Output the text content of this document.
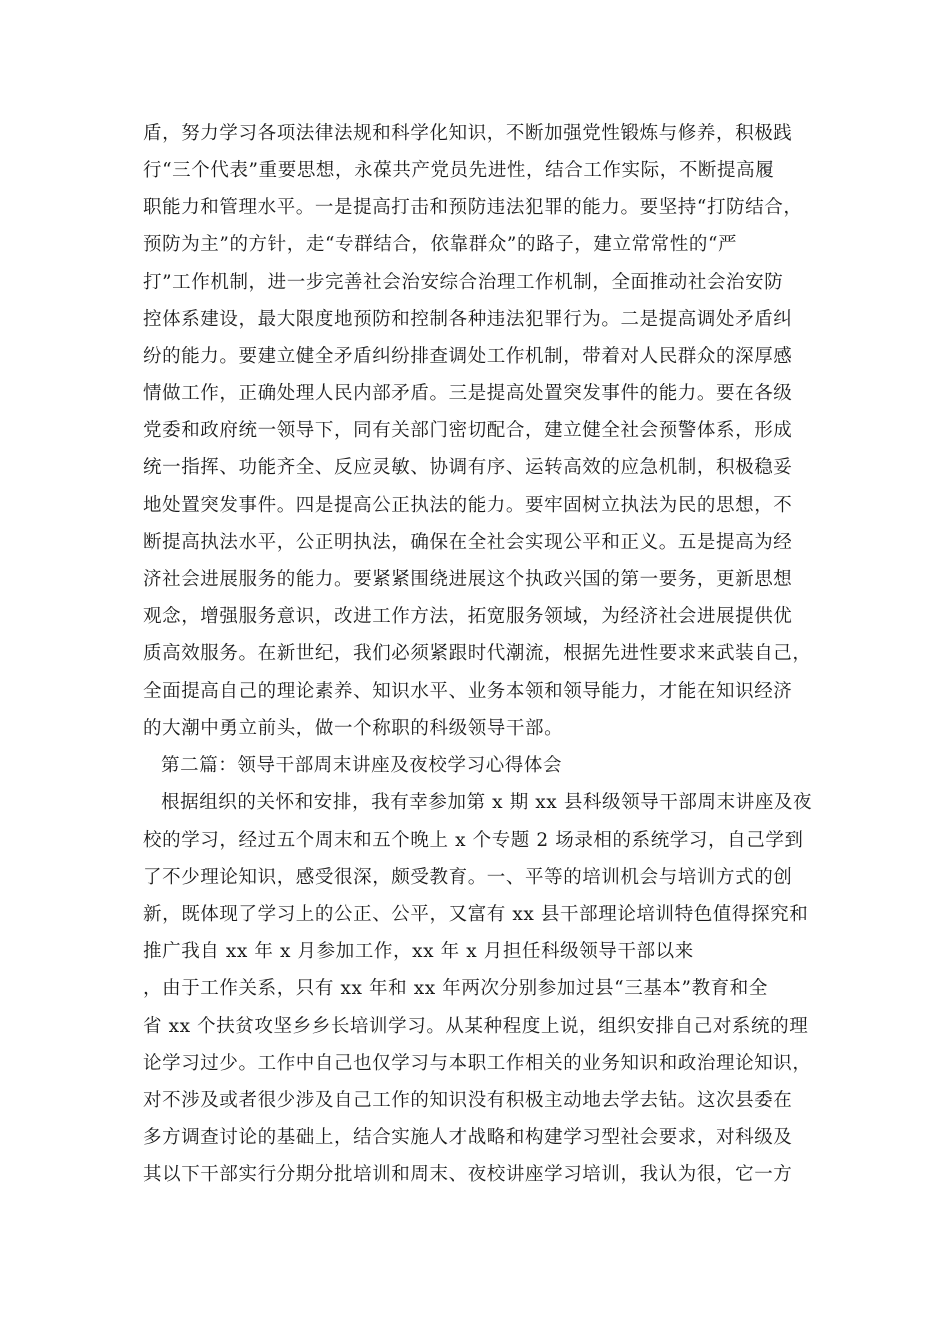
盾，努力学习各项法律法规和科学化知识，不断加强党性锻炼与修养，积极践
行“三个代表”重要思想，永葆共产党员先进性，结合工作实际，不断提高履
职能力和管理水平。一是提高打击和预防违法犯罪的能力。要坚持“打防结合，
预防为主”的方针，走“专群结合，依靠群众”的路子，建立常常性的“严
打”工作机制，进一步完善社会治安综合治理工作机制，全面推动社会治安防
控体系建设，最大限度地预防和控制各种违法犯罪行为。二是提高调处矛盾纠
纷的能力。要建立健全矛盾纠纷排查调处工作机制，带着对人民群众的深厚感
情做工作，正确处理人民内部矛盾。三是提高处置突发事件的能力。要在各级
党委和政府统一领导下，同有关部门密切配合，建立健全社会预警体系，形成
统一指挥、功能齐全、反应灵敏、协调有序、运转高效的应急机制，积极稳妥
地处置突发事件。四是提高公正执法的能力。要牢固树立执法为民的思想，不
断提高执法水平，公正明执法，确保在全社会实现公平和正义。五是提高为经
济社会进展服务的能力。要紧紧围绕进展这个执政兴国的第一要务，更新思想
观念，增强服务意识，改进工作方法，拓宽服务领域，为经济社会进展提供优
质高效服务。在新世纪，我们必须紧跟时代潮流，根据先进性要求来武装自己，
全面提高自己的理论素养、知识水平、业务本领和领导能力，才能在知识经济
的大潮中勇立前头，做一个称职的科级领导干部。
第二篇：领导干部周末讲座及夜校学习心得体会
根据组织的关怀和安排，我有幸参加第 x 期 xx 县科级领导干部周末讲座及夜
校的学习，经过五个周末和五个晚上 x 个专题 2 场录相的系统学习，自己学到
了不少理论知识，感受很深，颇受教育。一、平等的培训机会与培训方式的创
新，既体现了学习上的公正、公平，又富有 xx 县干部理论培训特色值得探究和
推广我自 xx 年 x 月参加工作，xx 年 x 月担任科级领导干部以来
，由于工作关系，只有 xx 年和 xx 年两次分别参加过县“三基本”教育和全
省 xx 个扶贫攻坚乡乡长培训学习。从某种程度上说，组织安排自己对系统的理
论学习过少。工作中自己也仅学习与本职工作相关的业务知识和政治理论知识，
对不涉及或者很少涉及自己工作的知识没有积极主动地去学去钻。这次县委在
多方调查讨论的基础上，结合实施人才战略和构建学习型社会要求，对科级及
其以下干部实行分期分批培训和周末、夜校讲座学习培训，我认为很，它一方
